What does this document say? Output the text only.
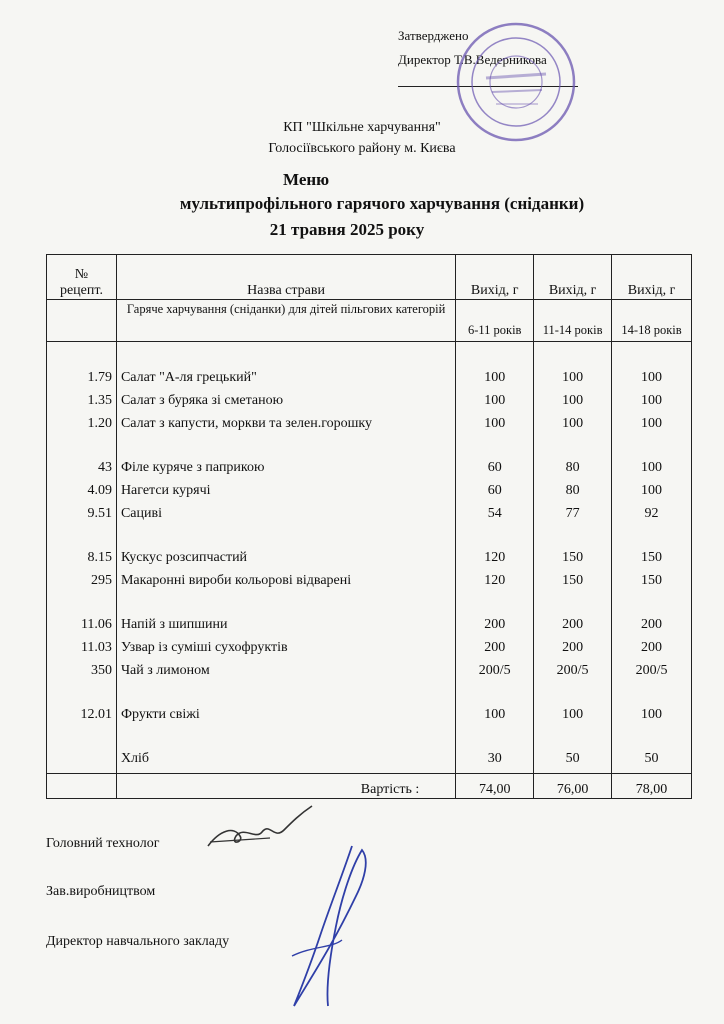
Затверджено
Директор Т.В.Ведерникова
КП "Шкільне харчування"
Голосіївського району м. Києва
Меню
мультипрофільного гарячого харчування (сніданки)
21 травня 2025 року
№
рецепт.	Назва страви	Вихід, г	Вихід, г	Вихід, г
	Гаряче харчування (сніданки) для дітей пільгових категорій	6-11 років	11-14 років	14-18 років

1.79	Салат "А-ля грецький"	100	100	100
1.35	Салат з буряка зі сметаною	100	100	100
1.20	Салат з капусти, моркви та зелен.горошку	100	100	100

43	Філе куряче з паприкою	60	80	100
4.09	Нагетси курячі	60	80	100
9.51	Сациві	54	77	92

8.15	Кускус розсипчастий	120	150	150
295	Макаронні вироби кольорові відварені	120	150	150

11.06	Напій з шипшини	200	200	200
11.03	Узвар із суміші сухофруктів	200	200	200
350	Чай з лимоном	200/5	200/5	200/5

12.01	Фрукти свіжі	100	100	100

	Хліб	30	50	50

	Вартість :	74,00	76,00	78,00
Головний технолог
Зав.виробництвом
Директор навчального закладу
